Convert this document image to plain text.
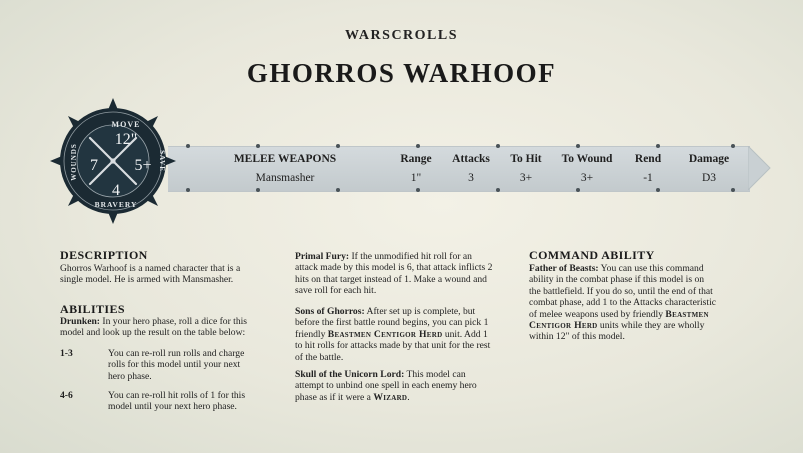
WARSCROLLS
GHORROS WARHOOF
MELEE WEAPONS	Range	Attacks	To Hit	To Wound	Rend	Damage
Mansmasher	1"	3	3+	3+	-1	D3
MOVE
12"
7	5+
4
BRAVERY
WOUNDS	SAVE
DESCRIPTION
Ghorros Warhoof is a named character that is a
single model. He is armed with Mansmasher.
ABILITIES
Drunken: In your hero phase, roll a dice for this
model and look up the result on the table below:
1-3	You can re-roll run rolls and charge
rolls for this model until your next
hero phase.
4-6	You can re-roll hit rolls of 1 for this
model until your next hero phase.
Primal Fury: If the unmodified hit roll for an
attack made by this model is 6, that attack inflicts 2
hits on that target instead of 1. Make a wound and
save roll for each hit.
Sons of Ghorros: After set up is complete, but
before the first battle round begins, you can pick 1
friendly Beastmen Centigor Herd unit. Add 1
to hit rolls for attacks made by that unit for the rest
of the battle.
Skull of the Unicorn Lord: This model can
attempt to unbind one spell in each enemy hero
phase as if it were a Wizard.
COMMAND ABILITY
Father of Beasts: You can use this command
ability in the combat phase if this model is on
the battlefield. If you do so, until the end of that
combat phase, add 1 to the Attacks characteristic
of melee weapons used by friendly Beastmen
Centigor Herd units while they are wholly
within 12" of this model.
